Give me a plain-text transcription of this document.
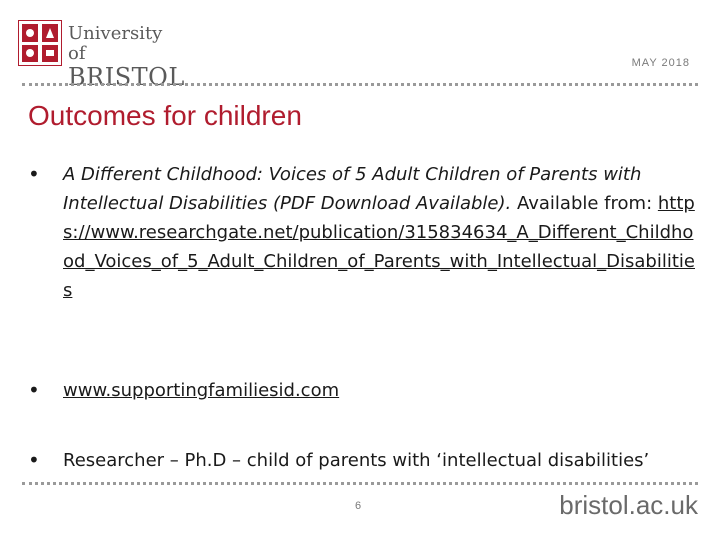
University of
BRISTOL	MAY 2018
Outcomes for children
• A Different Childhood: Voices of 5 Adult Children of Parents with Intellectual Disabilities (PDF Download Available). Available from: https://www.researchgate.net/publication/315834634_A_Different_Childhood_Voices_of_5_Adult_Children_of_Parents_with_Intellectual_Disabilities
• www.supportingfamiliesid.com
• Researcher – Ph.D – child of parents with ‘intellectual disabilities’
6	bristol.ac.uk
